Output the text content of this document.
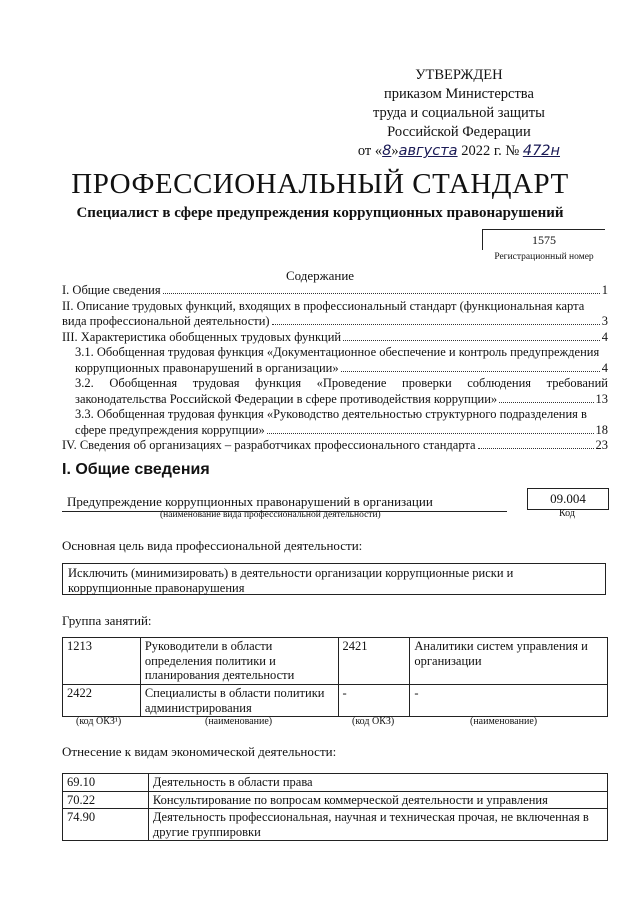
УТВЕРЖДЕН
приказом Министерства
труда и социальной защиты
Российской Федерации
от «8»августа 2022 г. № 472н
ПРОФЕССИОНАЛЬНЫЙ СТАНДАРТ
Специалист в сфере предупреждения коррупционных правонарушений
1575
Регистрационный номер
Содержание
I. Общие сведения	1
II. Описание трудовых функций, входящих в профессиональный стандарт (функциональная карта
вида профессиональной деятельности)	3
III. Характеристика обобщенных трудовых функций	4
3.1. Обобщенная трудовая функция «Документационное обеспечение и контроль предупреждения
коррупционных правонарушений в организации»	4
3.2. Обобщенная трудовая функция «Проведение проверки соблюдения требований
законодательства Российской Федерации в сфере противодействия коррупции»	13
3.3. Обобщенная трудовая функция «Руководство деятельностью структурного подразделения в
сфере предупреждения коррупции»	18
IV. Сведения об организациях – разработчиках профессионального стандарта	23
I. Общие сведения
Предупреждение коррупционных правонарушений в организации
(наименование вида профессиональной деятельности)
09.004
Код
Основная цель вида профессиональной деятельности:
Исключить (минимизировать) в деятельности организации коррупционные риски и коррупционные правонарушения
Группа занятий:
1213	Руководители в области определения политики и планирования деятельности	2421	Аналитики систем управления и организации
2422	Специалисты в области политики администрирования	-	-
(код ОКЗ¹)	(наименование)	(код ОКЗ)	(наименование)
Отнесение к видам экономической деятельности:
69.10	Деятельность в области права
70.22	Консультирование по вопросам коммерческой деятельности и управления
74.90	Деятельность профессиональная, научная и техническая прочая, не включенная в другие группировки
